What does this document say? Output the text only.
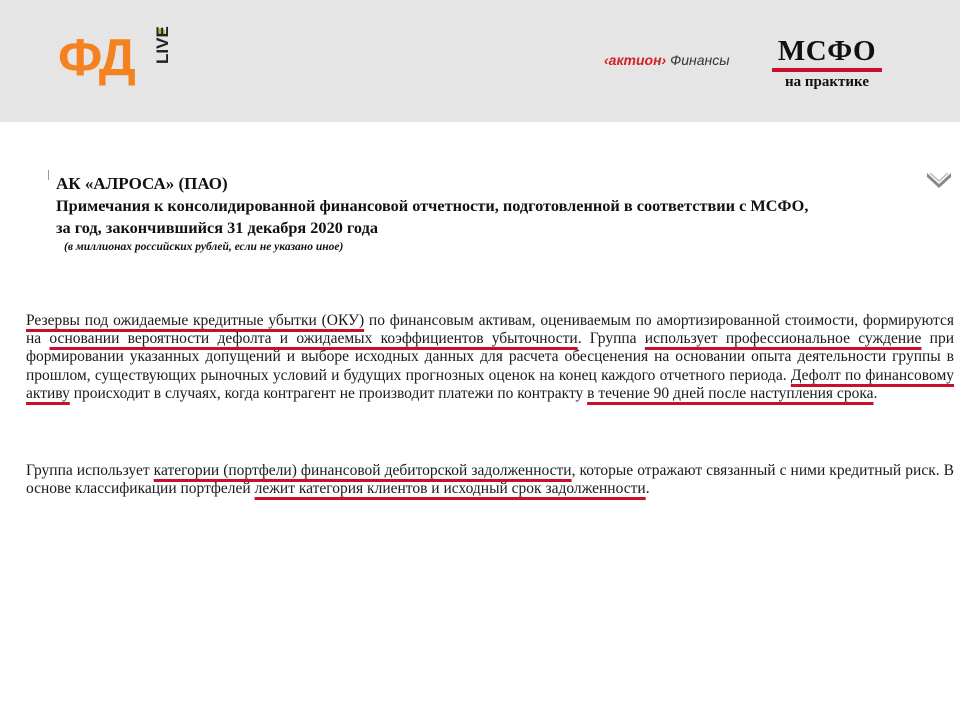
ФД LIVE	‹актион› Финансы МСФО
на практике
АК «АЛРОСА» (ПАО)
Примечания к консолидированной финансовой отчетности, подготовленной в соответствии с МСФО,
за год, закончившийся 31 декабря 2020 года
(в миллионах российских рублей, если не указано иное)

Резервы под ожидаемые кредитные убытки (ОКУ) по финансовым активам, оцениваемым по амортизированной стоимости, формируются на основании вероятности дефолта и ожидаемых коэффициентов убыточности. Группа использует профессиональное суждение при формировании указанных допущений и выборе исходных данных для расчета обесценения на основании опыта деятельности группы в прошлом, существующих рыночных условий и будущих прогнозных оценок на конец каждого отчетного периода. Дефолт по финансовому активу происходит в случаях, когда контрагент не производит платежи по контракту в течение 90 дней после наступления срока.

Группа использует категории (портфели) финансовой дебиторской задолженности, которые отражают связанный с ними кредитный риск. В основе классификации портфелей лежит категория клиентов и исходный срок задолженности.
